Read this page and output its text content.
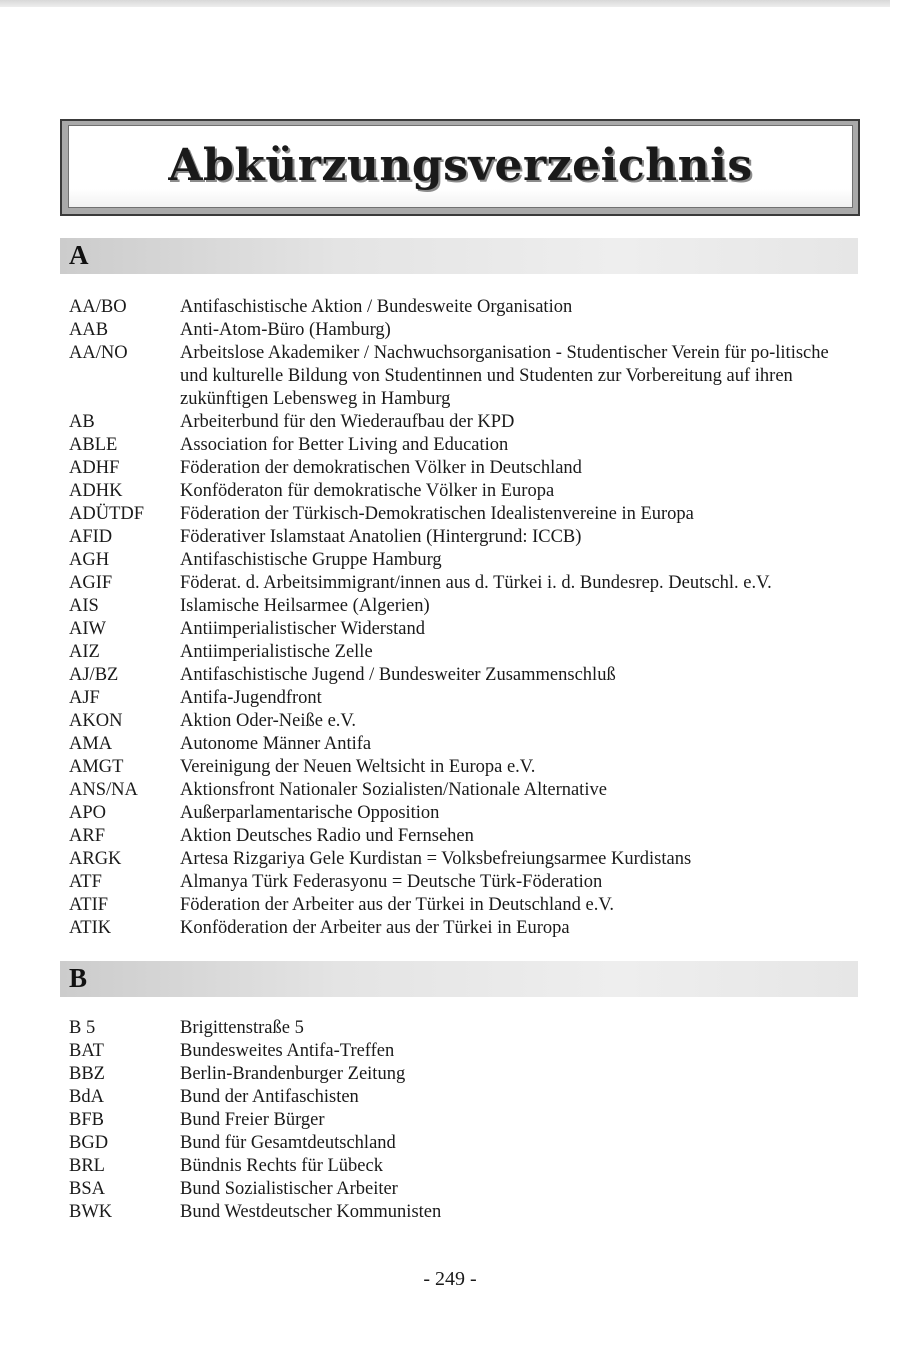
Abkürzungsverzeichnis
A
AA/BO	Antifaschistische Aktion / Bundesweite Organisation
AAB	Anti-Atom-Büro (Hamburg)
AA/NO	Arbeitslose Akademiker / Nachwuchsorganisation - Studentischer Verein für po-litische und kulturelle Bildung von Studentinnen und Studenten zur Vorbereitung auf ihren zukünftigen Lebensweg in Hamburg
AB	Arbeiterbund für den Wiederaufbau der KPD
ABLE	Association for Better Living and Education
ADHF	Föderation der demokratischen Völker in Deutschland
ADHK	Konföderaton für demokratische Völker in Europa
ADÜTDF	Föderation der Türkisch-Demokratischen Idealistenvereine in Europa
AFID	Föderativer Islamstaat Anatolien (Hintergrund: ICCB)
AGH	Antifaschistische Gruppe Hamburg
AGIF	Föderat. d. Arbeitsimmigrant/innen aus d. Türkei i. d. Bundesrep. Deutschl. e.V.
AIS	Islamische Heilsarmee (Algerien)
AIW	Antiimperialistischer Widerstand
AIZ	Antiimperialistische Zelle
AJ/BZ	Antifaschistische Jugend / Bundesweiter Zusammenschluß
AJF	Antifa-Jugendfront
AKON	Aktion Oder-Neiße e.V.
AMA	Autonome Männer Antifa
AMGT	Vereinigung der Neuen Weltsicht in Europa e.V.
ANS/NA	Aktionsfront Nationaler Sozialisten/Nationale Alternative
APO	Außerparlamentarische Opposition
ARF	Aktion Deutsches Radio und Fernsehen
ARGK	Artesa Rizgariya Gele Kurdistan = Volksbefreiungsarmee Kurdistans
ATF	Almanya Türk Federasyonu = Deutsche Türk-Föderation
ATIF	Föderation der Arbeiter aus der Türkei in Deutschland e.V.
ATIK	Konföderation der Arbeiter aus der Türkei in Europa
B
B 5	Brigittenstraße 5
BAT	Bundesweites Antifa-Treffen
BBZ	Berlin-Brandenburger Zeitung
BdA	Bund der Antifaschisten
BFB	Bund Freier Bürger
BGD	Bund für Gesamtdeutschland
BRL	Bündnis Rechts für Lübeck
BSA	Bund Sozialistischer Arbeiter
BWK	Bund Westdeutscher Kommunisten
- 249 -
